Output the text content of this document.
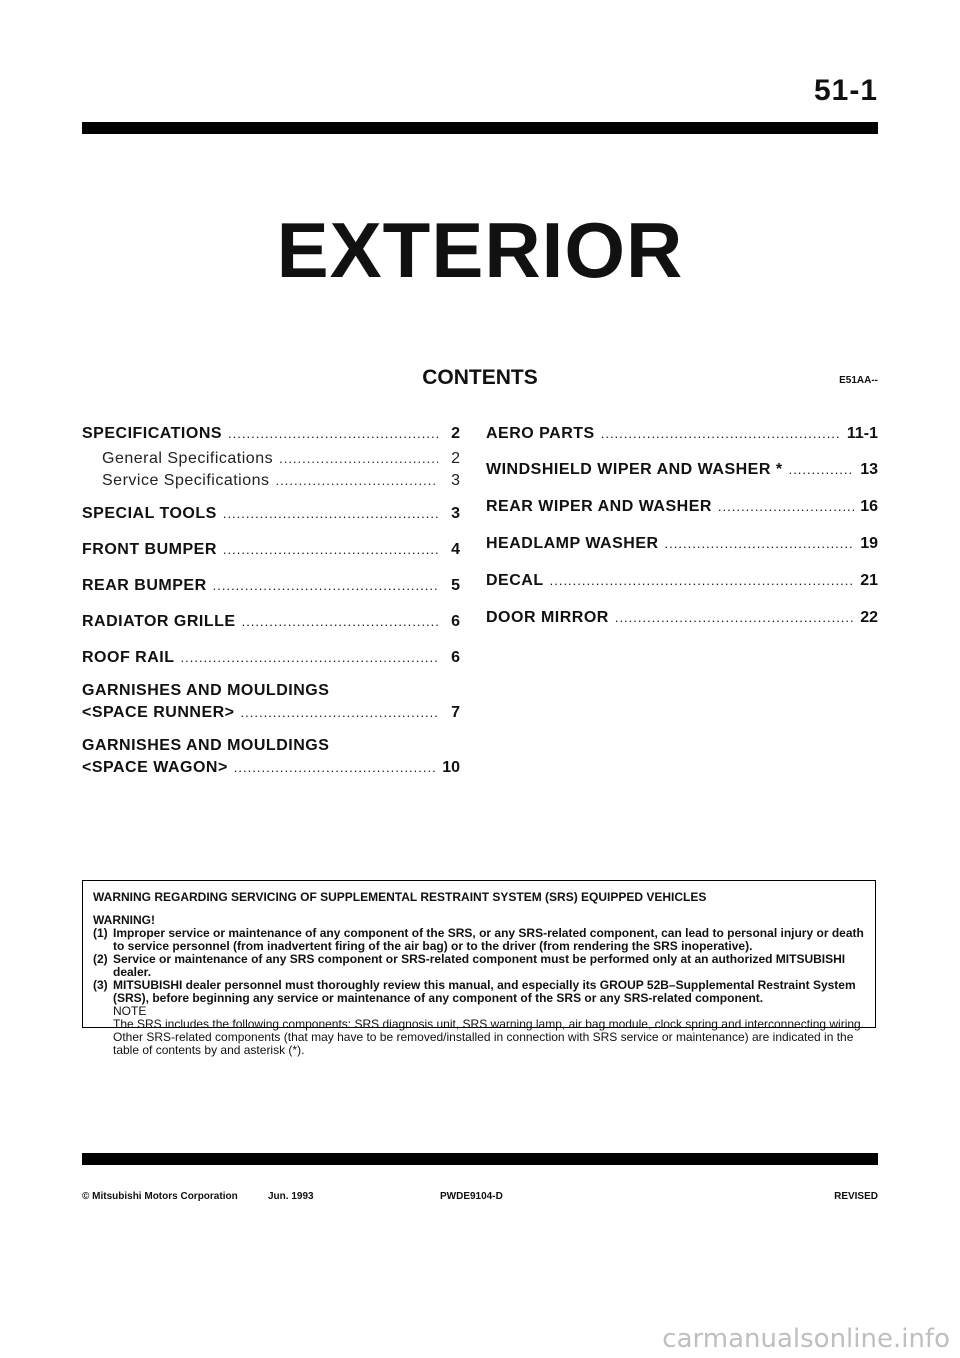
51-1
EXTERIOR
CONTENTS	E51AA--
SPECIFICATIONS .....	2
General Specifications .....	2
Service Specifications .....	3
SPECIAL TOOLS .....	3
FRONT BUMPER .....	4
REAR BUMPER .....	5
RADIATOR GRILLE .....	6
ROOF RAIL .....	6
GARNISHES AND MOULDINGS
<SPACE RUNNER> .....	7
GARNISHES AND MOULDINGS
<SPACE WAGON> .....	10
AERO PARTS .....	11-1
WINDSHIELD WIPER AND WASHER * .....	13
REAR WIPER AND WASHER .....	16
HEADLAMP WASHER .....	19
DECAL .....	21
DOOR MIRROR .....	22
WARNING REGARDING SERVICING OF SUPPLEMENTAL RESTRAINT SYSTEM (SRS) EQUIPPED VEHICLES
WARNING!
(1) Improper service or maintenance of any component of the SRS, or any SRS-related component, can lead to personal injury or death to service personnel (from inadvertent firing of the air bag) or to the driver (from rendering the SRS inoperative).
(2) Service or maintenance of any SRS component or SRS-related component must be performed only at an authorized MITSUBISHI dealer.
(3) MITSUBISHI dealer personnel must thoroughly review this manual, and especially its GROUP 52B–Supplemental Restraint System (SRS), before beginning any service or maintenance of any component of the SRS or any SRS-related component.
NOTE
The SRS includes the following components: SRS diagnosis unit, SRS warning lamp, air bag module, clock spring and interconnecting wiring. Other SRS-related components (that may have to be removed/installed in connection with SRS service or maintenance) are indicated in the table of contents by and asterisk (*).
© Mitsubishi Motors Corporation	Jun. 1993	PWDE9104-D	REVISED
carmanualsonline.info
